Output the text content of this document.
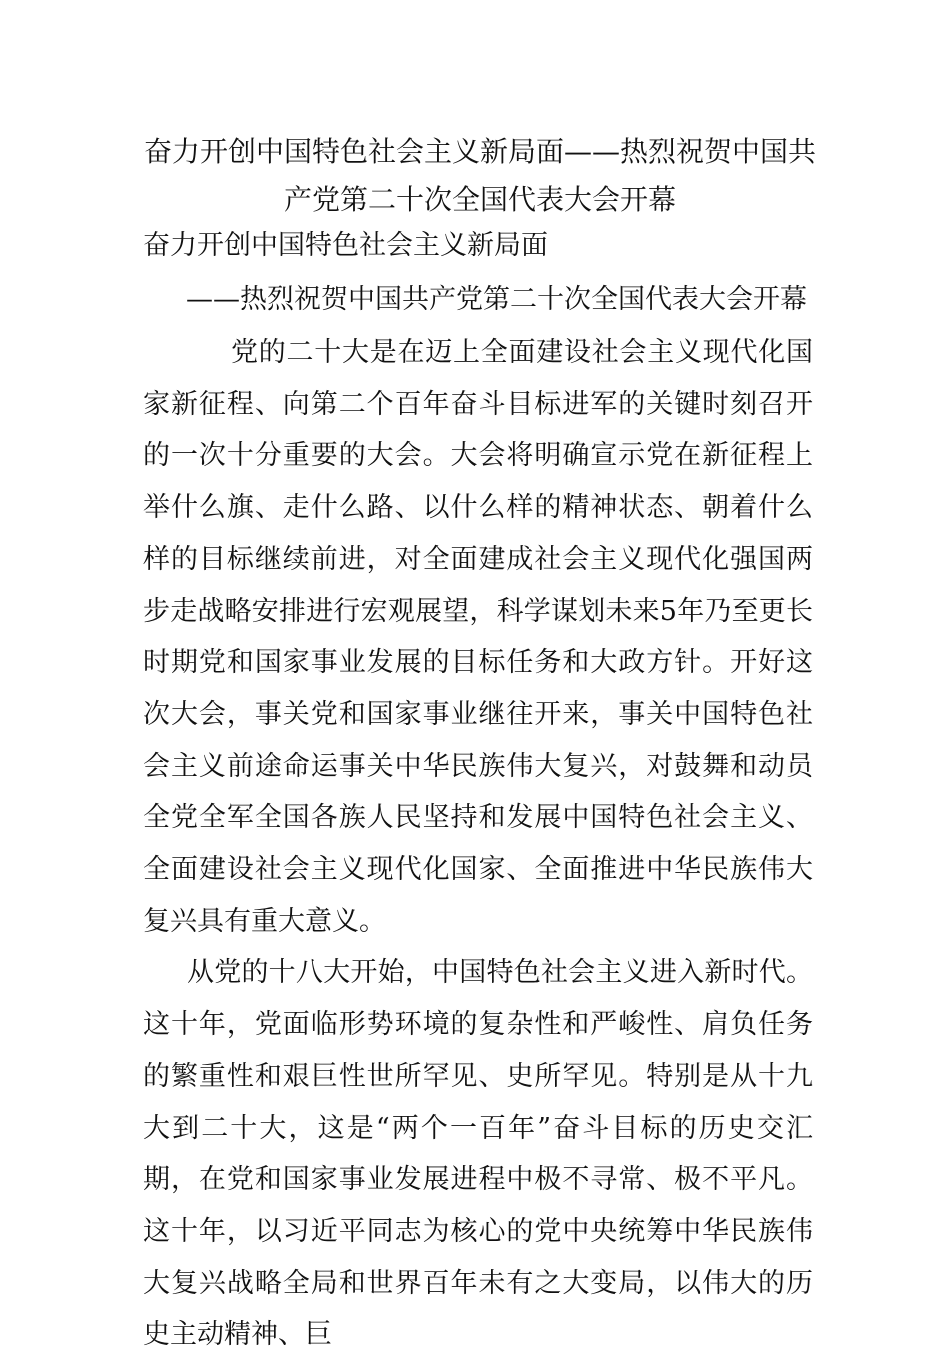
奋力开创中国特色社会主义新局面——热烈祝贺中国共产党第二十次全国代表大会开幕
奋力开创中国特色社会主义新局面
——热烈祝贺中国共产党第二十次全国代表大会开幕

党的二十大是在迈上全面建设社会主义现代化国家新征程、向第二个百年奋斗目标进军的关键时刻召开的一次十分重要的大会。大会将明确宣示党在新征程上举什么旗、走什么路、以什么样的精神状态、朝着什么样的目标继续前进，对全面建成社会主义现代化强国两步走战略安排进行宏观展望，科学谋划未来5年乃至更长时期党和国家事业发展的目标任务和大政方针。开好这次大会，事关党和国家事业继往开来，事关中国特色社会主义前途命运事关中华民族伟大复兴，对鼓舞和动员全党全军全国各族人民坚持和发展中国特色社会主义、全面建设社会主义现代化国家、全面推进中华民族伟大复兴具有重大意义。

从党的十八大开始，中国特色社会主义进入新时代。这十年，党面临形势环境的复杂性和严峻性、肩负任务的繁重性和艰巨性世所罕见、史所罕见。特别是从十九大到二十大，这是“两个一百年”奋斗目标的历史交汇期，在党和国家事业发展进程中极不寻常、极不平凡。这十年，以习近平同志为核心的党中央统筹中华民族伟大复兴战略全局和世界百年未有之大变局，以伟大的历史主动精神、巨
